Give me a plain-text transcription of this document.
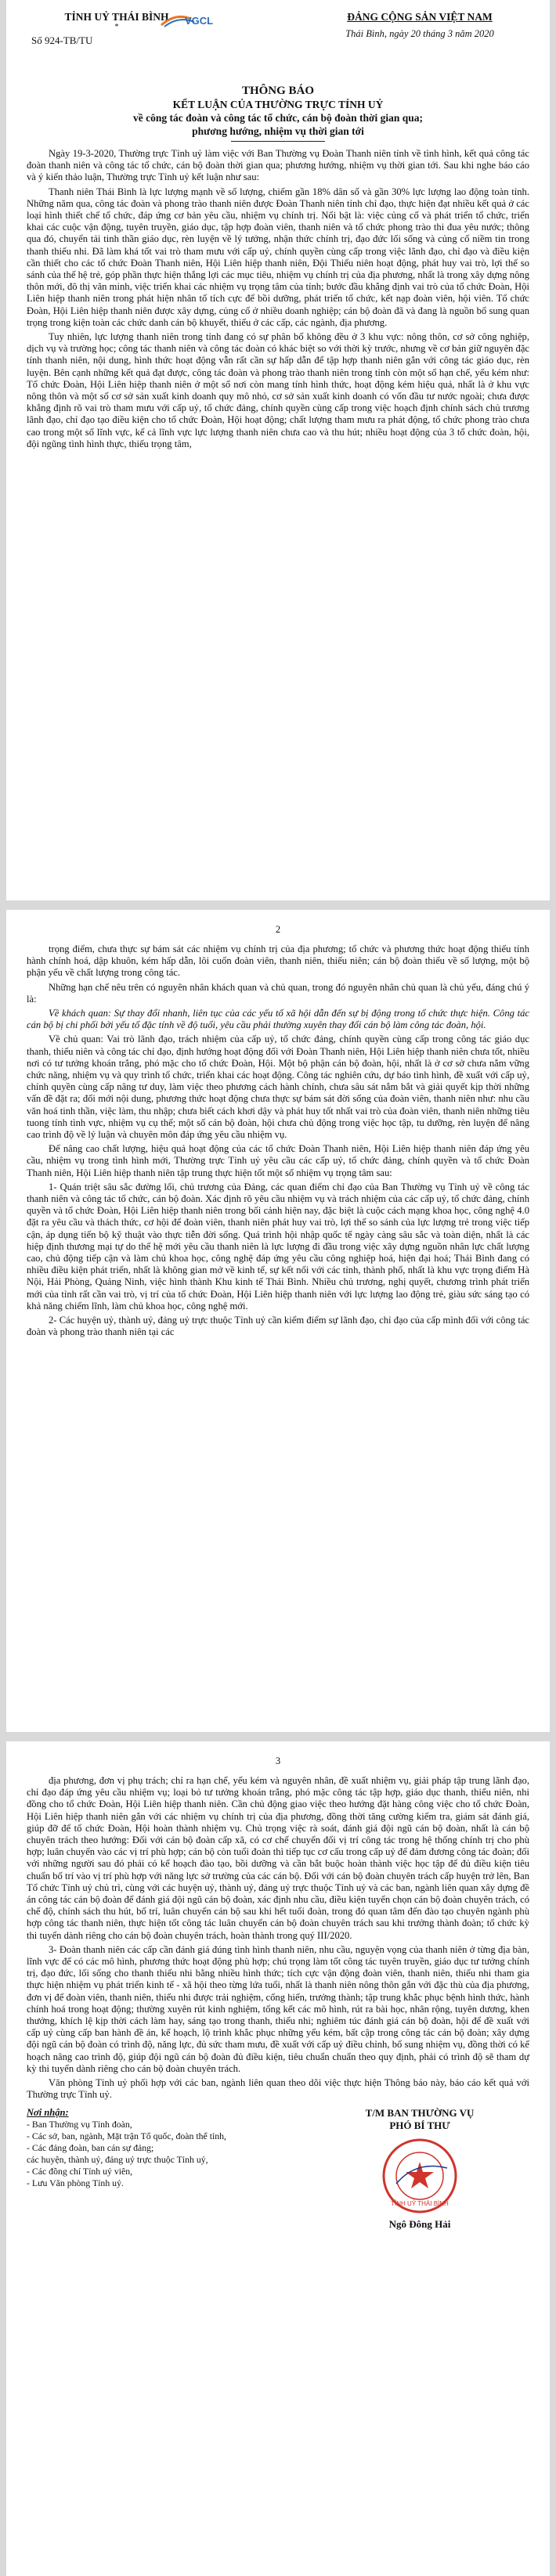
TỈNH UỶ THÁI BÌNH
*
Số 924-TB/TU
VGCL	ĐẢNG CỘNG SẢN VIỆT NAM
Thái Bình, ngày 20 tháng 3 năm 2020
THÔNG BÁO
KẾT LUẬN CỦA THƯỜNG TRỰC TỈNH UỶ
về công tác đoàn và công tác tổ chức, cán bộ đoàn thời gian qua;
phương hướng, nhiệm vụ thời gian tới

Ngày 19-3-2020, Thường trực Tỉnh uỷ làm việc với Ban Thường vụ Đoàn Thanh niên tỉnh về tình hình, kết quả công tác đoàn thanh niên và công tác tổ chức, cán bộ đoàn thời gian qua; phương hướng, nhiệm vụ thời gian tới. Sau khi nghe báo cáo và ý kiến thảo luận, Thường trực Tỉnh uỷ kết luận như sau:

Thanh niên Thái Bình là lực lượng mạnh về số lượng, chiếm gần 18% dân số và gần 30% lực lượng lao động toàn tỉnh. Những năm qua, công tác đoàn và phong trào thanh niên được Đoàn Thanh niên tỉnh chỉ đạo, thực hiện đạt nhiều kết quả ở các loại hình thiết chế tổ chức, đáp ứng cơ bản yêu cầu, nhiệm vụ chính trị. Nổi bật là: việc củng cố và phát triển tổ chức, triển khai các cuộc vận động, tuyên truyền, giáo dục, tập hợp đoàn viên, thanh niên và tổ chức phong trào thi đua yêu nước; thông qua đó, chuyển tải tinh thần giáo dục, rèn luyện về lý tưởng, nhận thức chính trị, đạo đức lối sống và củng cố niềm tin trong thanh thiếu nhi. Đã làm khá tốt vai trò tham mưu với cấp uỷ, chính quyền cùng cấp trong việc lãnh đạo, chỉ đạo và điều kiện cần thiết cho các tổ chức Đoàn Thanh niên, Hội Liên hiệp thanh niên, Đội Thiếu niên hoạt động, phát huy vai trò, lợi thế so sánh của thế hệ trẻ, góp phần thực hiện thắng lợi các mục tiêu, nhiệm vụ chính trị của địa phương, nhất là trong xây dựng nông thôn mới, đô thị văn minh, việc triển khai các nhiệm vụ trọng tâm của tỉnh; bước đầu khẳng định vai trò của tổ chức Đoàn, Hội Liên hiệp thanh niên trong phát hiện nhân tố tích cực để bồi dưỡng, phát triển tổ chức, kết nạp đoàn viên, hội viên. Tổ chức Đoàn, Hội Liên hiệp thanh niên được xây dựng, củng cố ở nhiều doanh nghiệp; cán bộ đoàn đã và đang là nguồn bổ sung quan trọng trong kiện toàn các chức danh cán bộ khuyết, thiếu ở các cấp, các ngành, địa phương.

Tuy nhiên, lực lượng thanh niên trong tỉnh đang có sự phân bố không đều ở 3 khu vực: nông thôn, cơ sở công nghiệp, dịch vụ và trường học; công tác thanh niên và công tác đoàn có khác biệt so với thời kỳ trước, nhưng về cơ bản giữ nguyên đặc tính thanh niên, nội dung, hình thức hoạt động vẫn rất cần sự hấp dẫn để tập hợp thanh niên gắn với công tác giáo dục, rèn luyện. Bên cạnh những kết quả đạt được, công tác đoàn và phong trào thanh niên trong tỉnh còn một số hạn chế, yếu kém như: Tổ chức Đoàn, Hội Liên hiệp thanh niên ở một số nơi còn mang tính hình thức, hoạt động kém hiệu quả, nhất là ở khu vực nông thôn và một số cơ sở sản xuất kinh doanh quy mô nhỏ, cơ sở sản xuất kinh doanh có vốn đầu tư nước ngoài; chưa được khẳng định rõ vai trò tham mưu với cấp uỷ, tổ chức đảng, chính quyền cùng cấp trong việc hoạch định chính sách chủ trương lãnh đạo, chỉ đạo tạo điều kiện cho tổ chức Đoàn, Hội hoạt động; chất lượng tham mưu ra phát động, tổ chức phong trào chưa cao trong một số lĩnh vực, kể cả lĩnh vực lực lượng thanh niên chưa cao và thu hút; nhiều hoạt động của 3 tổ chức đoàn, hội, đội ngũng tình hình thực, thiếu trọng tâm,

2

trọng điểm, chưa thực sự bám sát các nhiệm vụ chính trị của địa phương; tổ chức và phương thức hoạt động thiếu tính hành chính hoá, dập khuôn, kém hấp dẫn, lôi cuốn đoàn viên, thanh niên, thiếu niên; cán bộ đoàn thiếu về số lượng, một bộ phận yếu về chất lượng trong công tác.

Những hạn chế nêu trên có nguyên nhân khách quan và chủ quan, trong đó nguyên nhân chủ quan là chủ yếu, đáng chú ý là:

Về khách quan: Sự thay đổi nhanh, liên tục của các yếu tố xã hội dẫn đến sự bị động trong tổ chức thực hiện. Công tác cán bộ bị chi phối bởi yếu tố đặc tính về độ tuổi, yêu cầu phải thường xuyên thay đổi cán bộ làm công tác đoàn, hội.

Về chủ quan: Vai trò lãnh đạo, trách nhiệm của cấp uỷ, tổ chức đảng, chính quyền cùng cấp trong công tác giáo dục thanh, thiếu niên và công tác chỉ đạo, định hướng hoạt động đối với Đoàn Thanh niên, Hội Liên hiệp thanh niên chưa tốt, nhiều nơi có tư tưởng khoán trắng, phó mặc cho tổ chức Đoàn, Hội. Một bộ phận cán bộ đoàn, hội, nhất là ở cơ sở chưa nắm vững chức năng, nhiệm vụ và quy trình tổ chức, triển khai các hoạt động. Công tác nghiên cứu, dự báo tình hình, đề xuất với cấp uỷ, chính quyền cùng cấp nâng tư duy, làm việc theo phương cách hành chính, chưa sâu sát nắm bắt và giải quyết kịp thời những vấn đề đặt ra; đổi mới nội dung, phương thức hoạt động chưa thực sự bám sát đời sống của đoàn viên, thanh niên như: nhu cầu văn hoá tinh thần, việc làm, thu nhập; chưa biết cách khơi dậy và phát huy tốt nhất vai trò của đoàn viên, thanh niên những tiêu tuong tính tình vực, nhiệm vụ cụ thể; một số cán bộ đoàn, hội chưa chủ động trong việc học tập, tu dưỡng, rèn luyện để nâng cao trình độ về lý luận và chuyên môn đáp ứng yêu cầu nhiệm vụ.

Để nâng cao chất lượng, hiệu quả hoạt động của các tổ chức Đoàn Thanh niên, Hội Liên hiệp thanh niên đáp ứng yêu cầu, nhiệm vụ trong tình hình mới, Thường trực Tỉnh uỷ yêu cầu các cấp uỷ, tổ chức đảng, chính quyền và tổ chức Đoàn Thanh niên, Hội Liên hiệp thanh niên tập trung thực hiện tốt một số nhiệm vụ trọng tâm sau:

1- Quán triệt sâu sắc đường lối, chủ trương của Đảng, các quan điểm chỉ đạo của Ban Thường vụ Tỉnh uỷ về công tác thanh niên và công tác tổ chức, cán bộ đoàn. Xác định rõ yêu cầu nhiệm vụ và trách nhiệm của các cấp uỷ, tổ chức đảng, chính quyền và tổ chức Đoàn, Hội Liên hiệp thanh niên trong bối cảnh hiện nay, đặc biệt là cuộc cách mạng khoa học, công nghệ 4.0 đặt ra yêu cầu và thách thức, cơ hội để đoàn viên, thanh niên phát huy vai trò, lợi thế so sánh của lực lượng trẻ trong việc tiếp cận, áp dụng tiến bộ kỹ thuật vào thực tiễn đời sống. Quá trình hội nhập quốc tế ngày càng sâu sắc và toàn diện, nhất là các hiệp định thương mại tự do thế hệ mới yêu cầu thanh niên là lực lượng đi đầu trong việc xây dựng nguồn nhân lực chất lượng cao, chủ động tiếp cận và làm chủ khoa học, công nghệ đáp ứng yêu cầu công nghiệp hoá, hiện đại hoá; Thái Bình đang có nhiều điều kiện phát triển, nhất là không gian mở về kinh tế, sự kết nối với các tỉnh, thành phố, nhất là khu vực trọng điểm Hà Nội, Hải Phòng, Quảng Ninh, việc hình thành Khu kinh tế Thái Bình. Nhiều chủ trương, nghị quyết, chương trình phát triển mới của tỉnh rất cần vai trò, vị trí của tổ chức Đoàn, Hội Liên hiệp thanh niên với lực lượng lao động trẻ, giàu sức sáng tạo có khả năng chiếm lĩnh, làm chủ khoa học, công nghệ mới.

2- Các huyện uỷ, thành uỷ, đảng uỷ trực thuộc Tỉnh uỷ cần kiểm điểm sự lãnh đạo, chỉ đạo của cấp mình đối với công tác đoàn và phong trào thanh niên tại các

3

địa phương, đơn vị phụ trách; chỉ ra hạn chế, yếu kém và nguyên nhân, đề xuất nhiệm vụ, giải pháp tập trung lãnh đạo, chỉ đạo đáp ứng yêu cầu nhiệm vụ; loại bỏ tư tưởng khoán trắng, phó mặc công tác tập hợp, giáo dục thanh, thiếu niên, nhi đồng cho tổ chức Đoàn, Hội Liên hiệp thanh niên. Cần chủ động giao việc theo hướng đặt hàng công việc cho tổ chức Đoàn, Hội Liên hiệp thanh niên gắn với các nhiệm vụ chính trị của địa phương, đồng thời tăng cường kiểm tra, giám sát đánh giá, giúp đỡ để tổ chức Đoàn, Hội hoàn thành nhiệm vụ. Chủ trọng việc rà soát, đánh giá đội ngũ cán bộ đoàn, nhất là cán bộ chuyên trách theo hướng: Đối với cán bộ đoàn cấp xã, có cơ chế chuyển đổi vị trí công tác trong hệ thống chính trị cho phù hợp; luân chuyển vào các vị trí phù hợp; cán bộ còn tuổi đoàn thì tiếp tục cơ cấu trong cấp uỷ để đảm đương công tác đoàn; đối với những người sau đó phải có kế hoạch đào tạo, bồi dưỡng và cần bắt buộc hoàn thành việc học tập để đủ điều kiện tiêu chuẩn bố trí vào vị trí phù hợp với năng lực sở trường của các cán bộ. Đối với cán bộ đoàn chuyên trách cấp huyện trở lên, Ban Tổ chức Tỉnh uỷ chủ trì, cùng với các huyện uỷ, thành uỷ, đảng uỷ trực thuộc Tỉnh uỷ và các ban, ngành liên quan xây dựng đề án công tác cán bộ đoàn để đánh giá đội ngũ cán bộ đoàn, xác định nhu cầu, điều kiện tuyển chọn cán bộ đoàn chuyên trách, có chế độ, chính sách thu hút, bố trí, luân chuyển cán bộ sau khi hết tuổi đoàn, trong đó quan tâm đến đào tạo chuyên ngành phù hợp công tác thanh niên, thực hiện tốt công tác luân chuyển cán bộ đoàn chuyên trách sau khi trưởng thành đoàn; tổ chức kỳ thi tuyển dành riêng cho cán bộ đoàn chuyên trách, hoàn thành trong quý III/2020.

3- Đoàn thanh niên các cấp cần đánh giá đúng tình hình thanh niên, nhu cầu, nguyện vọng của thanh niên ở từng địa bàn, lĩnh vực để có các mô hình, phương thức hoạt động phù hợp; chú trọng làm tốt công tác tuyên truyền, giáo dục tư tưởng chính trị, đạo đức, lối sống cho thanh thiếu nhi bằng nhiều hình thức; tích cực vận động đoàn viên, thanh niên, thiếu nhi tham gia thực hiện nhiệm vụ phát triển kinh tế - xã hội theo từng lứa tuổi, nhất là thanh niên nông thôn gắn với đặc thù của địa phương, đơn vị để đoàn viên, thanh niên, thiếu nhi được trải nghiệm, cống hiến, trưởng thành; tập trung khắc phục bệnh hình thức, hành chính hoá trong hoạt động; thường xuyên rút kinh nghiệm, tổng kết các mô hình, rút ra bài học, nhân rộng, tuyên dương, khen thưởng, khích lệ kịp thời cách làm hay, sáng tạo trong thanh, thiếu nhi; nghiêm túc đánh giá cán bộ đoàn, hội để đề xuất với cấp uỷ cùng cấp ban hành đề án, kế hoạch, lộ trình khắc phục những yếu kém, bất cập trong công tác cán bộ đoàn; xây dựng đội ngũ cán bộ đoàn có trình độ, năng lực, đủ sức tham mưu, đề xuất với cấp uỷ điều chỉnh, bổ sung nhiệm vụ, đồng thời có kế hoạch nâng cao trình độ, giúp đội ngũ cán bộ đoàn đủ điều kiện, tiêu chuẩn chuẩn theo quy định, phải có trình độ sẽ tham dự kỳ thi tuyển dành riêng cho cán bộ đoàn chuyên trách.

Văn phòng Tỉnh uỷ phối hợp với các ban, ngành liên quan theo dõi việc thực hiện Thông báo này, báo cáo kết quả với Thường trực Tỉnh uỷ.

Nơi nhận:
- Ban Thường vụ Tỉnh đoàn,
- Các sở, ban, ngành, Mặt trận Tổ quốc, đoàn thể tỉnh,
- Các đảng đoàn, ban cán sự đảng;
các huyện, thành uỷ, đảng uỷ trực thuộc Tỉnh uỷ,
- Các đồng chí Tỉnh uỷ viên,
- Lưu Văn phòng Tỉnh uỷ.
T/M BAN THƯỜNG VỤ
PHÓ BÍ THƯ
TỈNH UỶ THÁI BÌNH
Ngô Đông Hải
